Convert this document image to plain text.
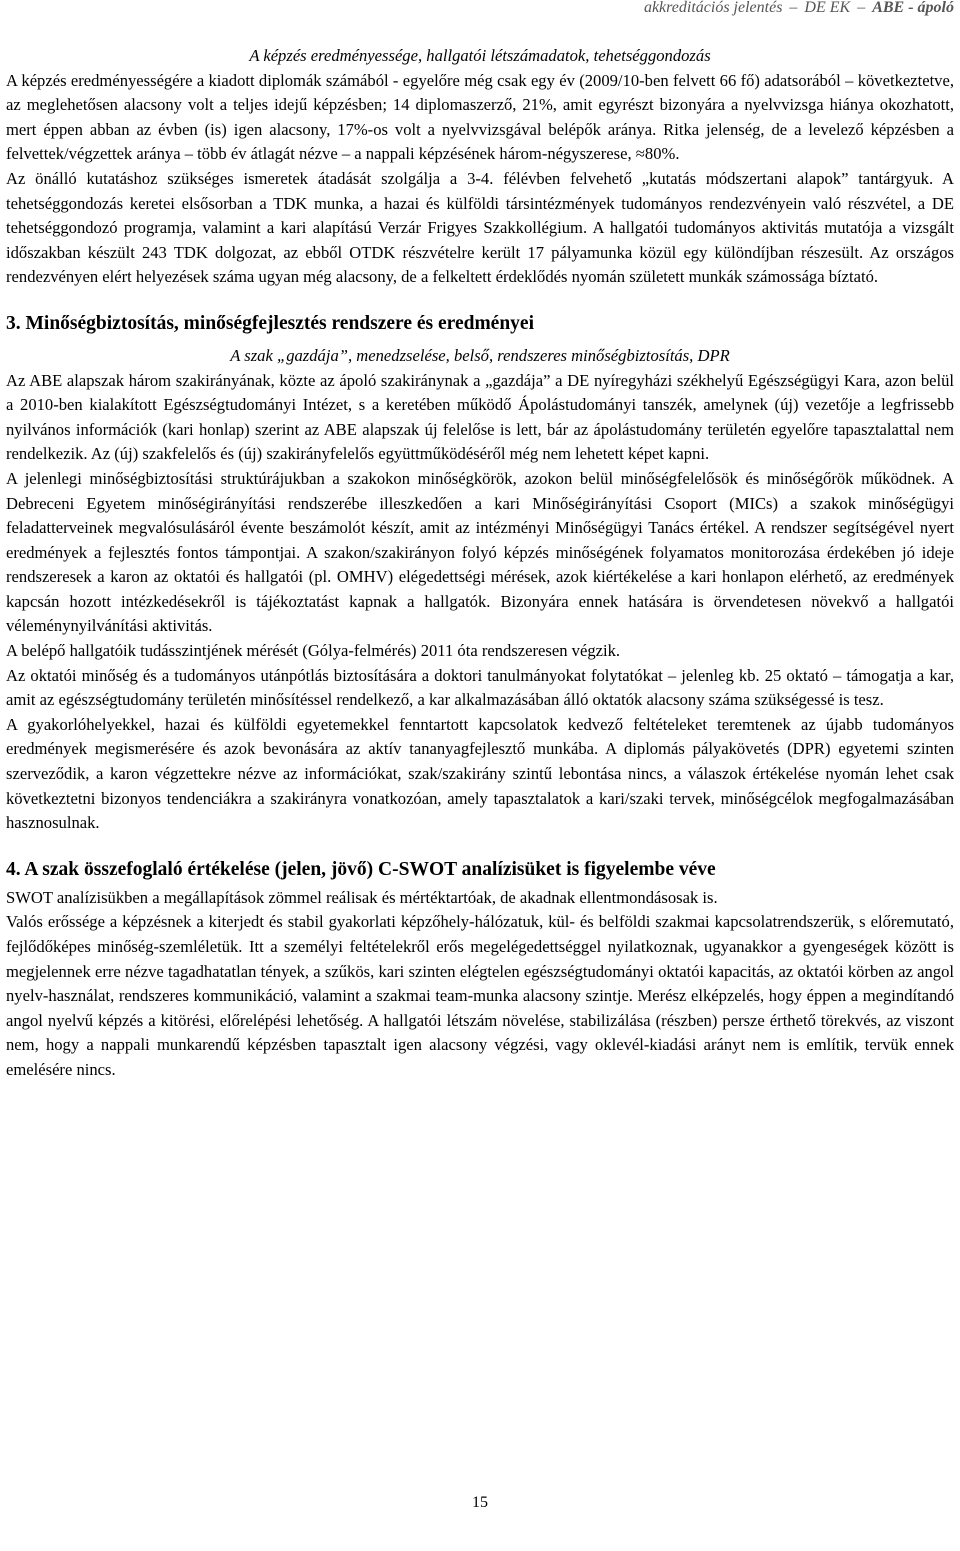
akkreditációs jelentés – DE EK – ABE - ápoló

A képzés eredményessége, hallgatói létszámadatok, tehetséggondozás

A képzés eredményességére a kiadott diplomák számából - egyelőre még csak egy év (2009/10-ben felvett 66 fő) adatsorából – következtetve, az meglehetősen alacsony volt a teljes idejű képzésben; 14 diplomaszerző, 21%, amit egyrészt bizonyára a nyelvvizsga hiánya okozhatott, mert éppen abban az évben (is) igen alacsony, 17%-os volt a nyelvvizsgával belépők aránya. Ritka jelenség, de a levelező képzésben a felvettek/végzettek aránya – több év átlagát nézve – a nappali képzésének három-négyszerese, ≈80%.

Az önálló kutatáshoz szükséges ismeretek átadását szolgálja a 3-4. félévben felvehető „kutatás módszertani alapok” tantárgyuk. A tehetséggondozás keretei elsősorban a TDK munka, a hazai és külföldi társintézmények tudományos rendezvényein való részvétel, a DE tehetséggondozó programja, valamint a kari alapítású Verzár Frigyes Szakkollégium. A hallgatói tudományos aktivitás mutatója a vizsgált időszakban készült 243 TDK dolgozat, az ebből OTDK részvételre került 17 pályamunka közül egy különdíjban részesült. Az országos rendezvényen elért helyezések száma ugyan még alacsony, de a felkeltett érdeklődés nyomán született munkák számossága bíztató.

3. Minőségbiztosítás, minőségfejlesztés rendszere és eredményei

A szak „gazdája”, menedzselése, belső, rendszeres minőségbiztosítás, DPR

Az ABE alapszak három szakirányának, közte az ápoló szakiránynak a „gazdája” a DE nyíregyházi székhelyű Egészségügyi Kara, azon belül a 2010-ben kialakított Egészségtudományi Intézet, s a keretében működő Ápolástudományi tanszék, amelynek (új) vezetője a legfrissebb nyilvános információk (kari honlap) szerint az ABE alapszak új felelőse is lett, bár az ápolástudomány területén egyelőre tapasztalattal nem rendelkezik. Az (új) szakfelelős és (új) szakirányfelelős együttműködéséről még nem lehetett képet kapni.

A jelenlegi minőségbiztosítási struktúrájukban a szakokon minőségkörök, azokon belül minőségfelelősök és minőségőrök működnek. A Debreceni Egyetem minőségirányítási rendszerébe illeszkedően a kari Minőségirányítási Csoport (MICs) a szakok minőségügyi feladatterveinek megvalósulásáról évente beszámolót készít, amit az intézményi Minőségügyi Tanács értékel. A rendszer segítségével nyert eredmények a fejlesztés fontos támpontjai. A szakon/szakirányon folyó képzés minőségének folyamatos monitorozása érdekében jó ideje rendszeresek a karon az oktatói és hallgatói (pl. OMHV) elégedettségi mérések, azok kiértékelése a kari honlapon elérhető, az eredmények kapcsán hozott intézkedésekről is tájékoztatást kapnak a hallgatók. Bizonyára ennek hatására is örvendetesen növekvő a hallgatói véleménynyilvánítási aktivitás.

A belépő hallgatóik tudásszintjének mérését (Gólya-felmérés) 2011 óta rendszeresen végzik.

Az oktatói minőség és a tudományos utánpótlás biztosítására a doktori tanulmányokat folytatókat – jelenleg kb. 25 oktató – támogatja a kar, amit az egészségtudomány területén minősítéssel rendelkező, a kar alkalmazásában álló oktatók alacsony száma szükségessé is tesz.

A gyakorlóhelyekkel, hazai és külföldi egyetemekkel fenntartott kapcsolatok kedvező feltételeket teremtenek az újabb tudományos eredmények megismerésére és azok bevonására az aktív tananyagfejlesztő munkába. A diplomás pályakövetés (DPR) egyetemi szinten szerveződik, a karon végzettekre nézve az információkat, szak/szakirány szintű lebontása nincs, a válaszok értékelése nyomán lehet csak következtetni bizonyos tendenciákra a szakirányra vonatkozóan, amely tapasztalatok a kari/szaki tervek, minőségcélok megfogalmazásában hasznosulnak.

4. A szak összefoglaló értékelése (jelen, jövő) C-SWOT analízisüket is figyelembe véve

SWOT analízisükben a megállapítások zömmel reálisak és mértéktartóak, de akadnak ellentmondásosak is.

Valós erőssége a képzésnek a kiterjedt és stabil gyakorlati képzőhely-hálózatuk, kül- és belföldi szakmai kapcsolatrendszerük, s előremutató, fejlődőképes minőség-szemléletük. Itt a személyi feltételekről erős megelégedettséggel nyilatkoznak, ugyanakkor a gyengeségek között is megjelennek erre nézve tagadhatatlan tények, a szűkös, kari szinten elégtelen egészségtudományi oktatói kapacitás, az oktatói körben az angol nyelv-használat, rendszeres kommunikáció, valamint a szakmai team-munka alacsony szintje. Merész elképzelés, hogy éppen a megindítandó angol nyelvű képzés a kitörési, előrelépési lehetőség. A hallgatói létszám növelése, stabilizálása (részben) persze érthető törekvés, az viszont nem, hogy a nappali munkarendű képzésben tapasztalt igen alacsony végzési, vagy oklevél-kiadási arányt nem is említik, tervük ennek emelésére nincs.

15
